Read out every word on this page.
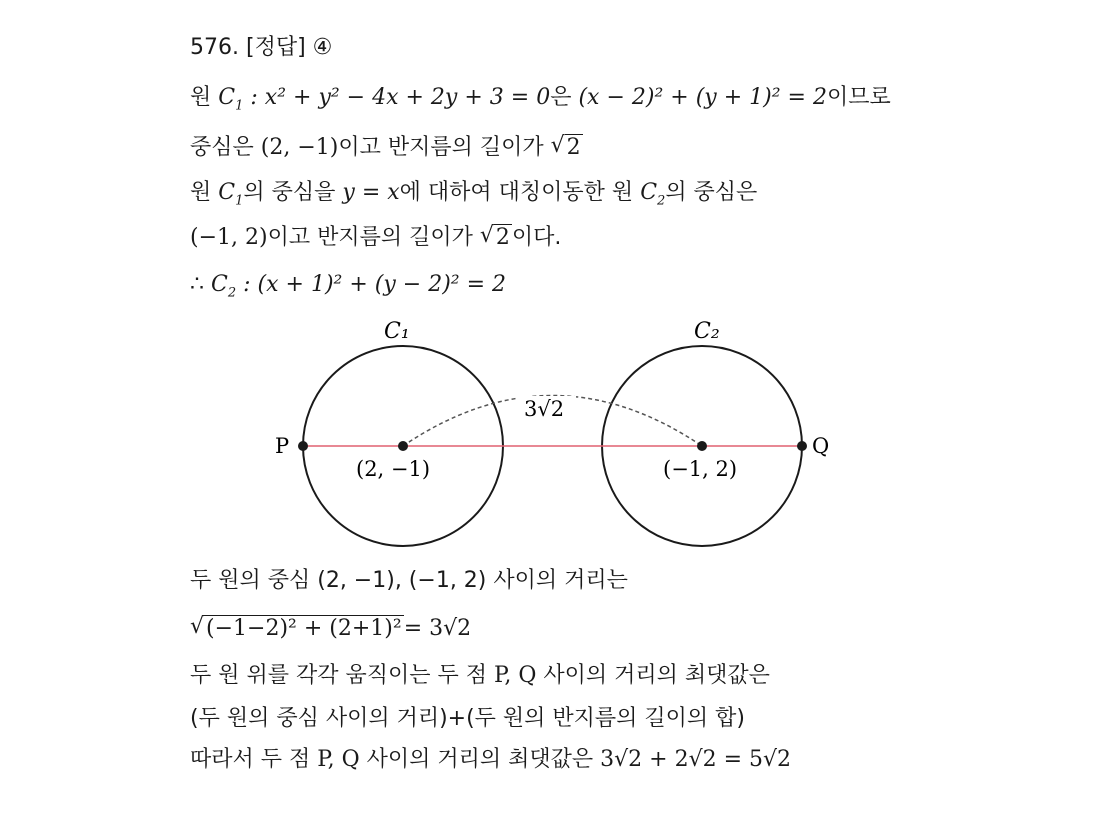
576. [정답] ④
원 $C_1$ : x² + y² − 4x + 2y + 3 = 0은 (x − 2)² + (y + 1)² = 2이므로
중심은 (2, −1)이고 반지름의 길이가 √ 2
원 $C_1$의 중심을 y = x에 대하여 대칭이동한 원 $C_2$의 중심은
(−1, 2)이고 반지름의 길이가 √ 2이다.
∴ $C_2$ : (x + 1)² + (y − 2)² = 2
C₁	C₂
3√2
P	Q
(2, −1)	(−1, 2)
두 원의 중심 (2, −1), (−1, 2) 사이의 거리는
√ (−1−2)² + (2+1)²= 3√2
두 원 위를 각각 움직이는 두 점 P, Q 사이의 거리의 최댓값은
(두 원의 중심 사이의 거리)+(두 원의 반지름의 길이의 합)
따라서 두 점 P, Q 사이의 거리의 최댓값은 3√2 + 2√2 = 5√2
